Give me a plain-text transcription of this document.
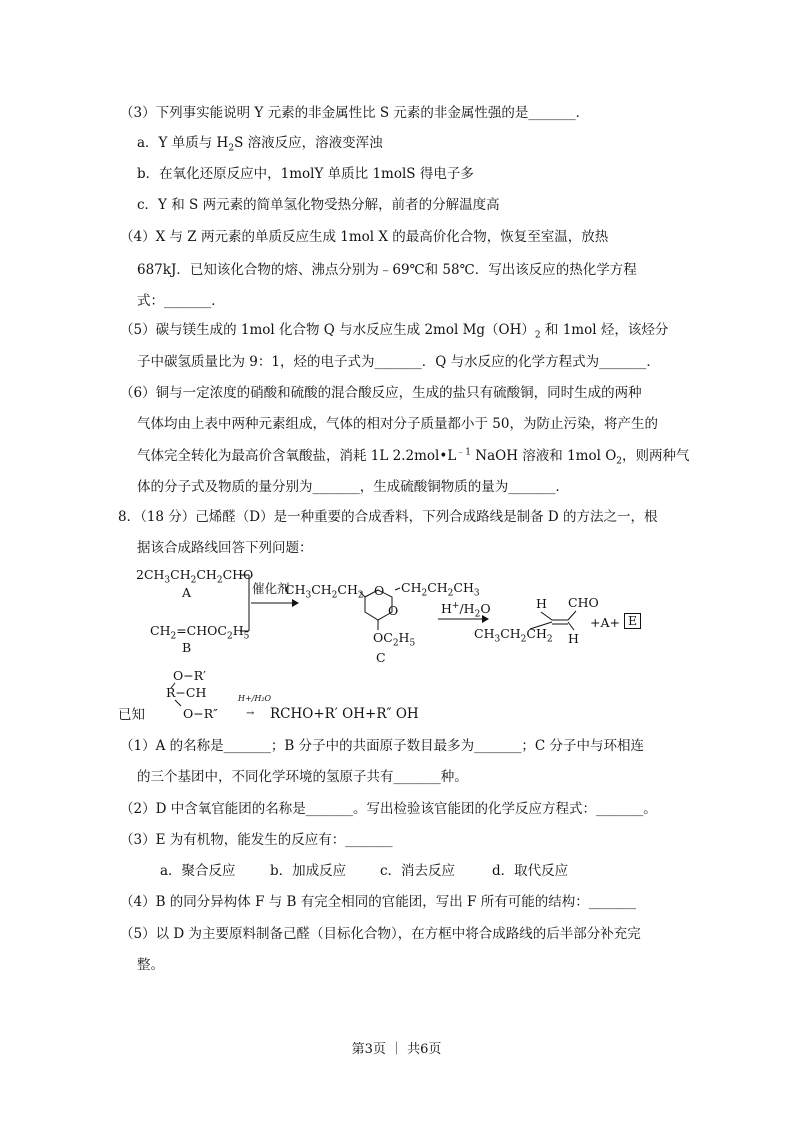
（3）下列事实能说明 Y 元素的非金属性比 S 元素的非金属性强的是_______．
a．Y 单质与 $H_2S$ 溶液反应，溶液变浑浊
b．在氧化还原反应中，1molY 单质比 1molS 得电子多
c．Y 和 S 两元素的简单氢化物受热分解，前者的分解温度高
（4）X 与 Z 两元素的单质反应生成 1mol X 的最高价化合物，恢复至室温，放热
687kJ．已知该化合物的熔、沸点分别为﹣69℃和 58℃．写出该反应的热化学方程
式：_______．
（5）碳与镁生成的 1mol 化合物 Q 与水反应生成 2mol $Mg(OH)_2$ 和 1mol 烃，该烃分
子中碳氢质量比为 9：1，烃的电子式为_______．Q 与水反应的化学方程式为_______．
（6）铜与一定浓度的硝酸和硫酸的混合酸反应，生成的盐只有硫酸铜，同时生成的两种
气体均由上表中两种元素组成，气体的相对分子质量都小于 50，为防止污染，将产生的
气体完全转化为最高价含氧酸盐，消耗 1L $2.2mol•L^{﹣1}$ NaOH 溶液和 1mol $O_2$，则两种气
体的分子式及物质的量分别为_______，生成硫酸铜物质的量为_______．
8．（18 分）己烯醛（D）是一种重要的合成香料，下列合成路线是制备 D 的方法之一，根
据该合成路线回答下列问题：
$2CH_3CH_2CH_2CHO$
A
$CH_2=CHOC_2H_5$
B
催化剂
$CH_3CH_2CH_2$ O
O
$CH_2CH_2CH_3$
$OC_2H_5$
C
$H^+/H_2O$	H CHO
$CH_3CH_2CH_2$ H
+A+ E
O−R′
R−CH
已知	O−R″
H+/H₂O
→ RCHO+R′ OH+R″ OH
（1）A 的名称是_______；B 分子中的共面原子数目最多为_______；C 分子中与环相连
的三个基团中，不同化学环境的氢原子共有_______种。
（2）D 中含氧官能团的名称是_______。写出检验该官能团的化学反应方程式：_______。
（3）E 为有机物，能发生的反应有：_______
a．聚合反应	b．加成反应	c．消去反应	d．取代反应
（4）B 的同分异构体 F 与 B 有完全相同的官能团，写出 F 所有可能的结构：_______
（5）以 D 为主要原料制备己醛（目标化合物），在方框中将合成路线的后半部分补充完
整。
第3页 ｜ 共6页
